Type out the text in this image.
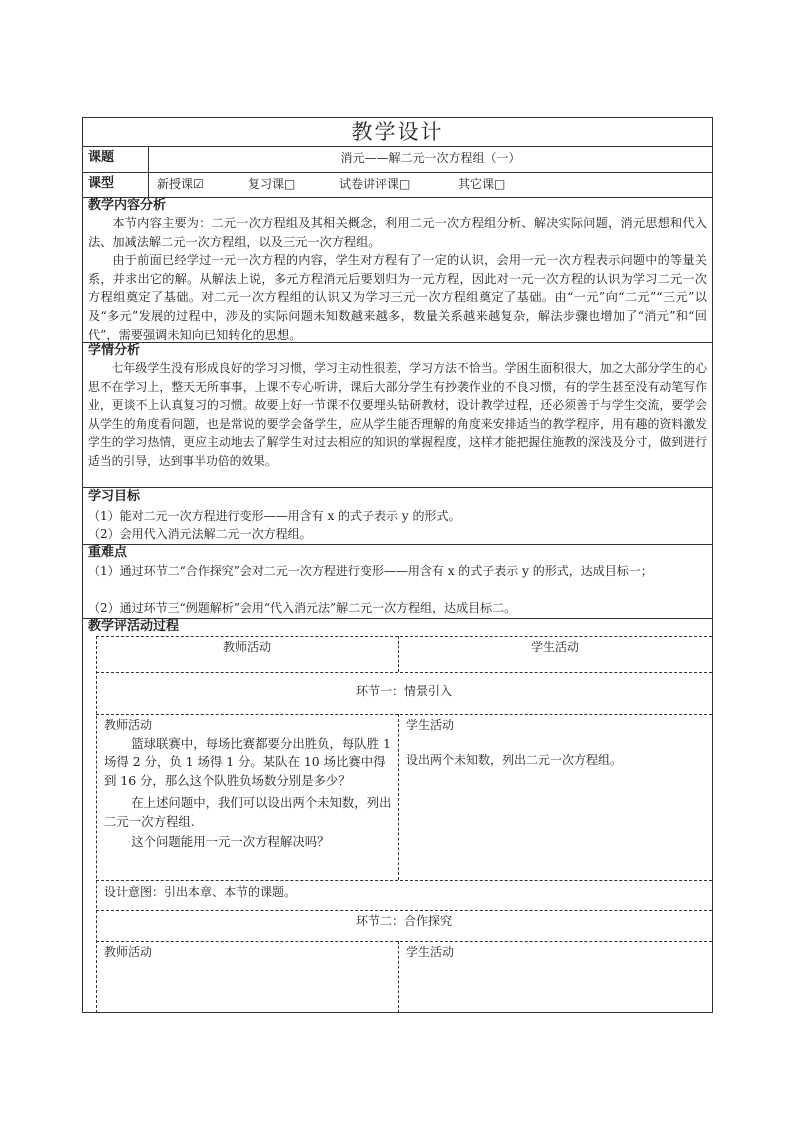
教学设计
课题	消元——解二元一次方程组（一）
课型	新授课☑	复习课□	试卷讲评课□	其它课□
教学内容分析

本节内容主要为：二元一次方程组及其相关概念，利用二元一次方程组分析、解决实际问题，消元思想和代入法、加减法解二元一次方程组，以及三元一次方程组。

由于前面已经学过一元一次方程的内容，学生对方程有了一定的认识，会用一元一次方程表示问题中的等量关系，并求出它的解。从解法上说，多元方程消元后要划归为一元方程，因此对一元一次方程的认识为学习二元一次方程组奠定了基础。对二元一次方程组的认识又为学习三元一次方程组奠定了基础。由“一元”向“二元”“三元”以及“多元”发展的过程中，涉及的实际问题未知数越来越多，数量关系越来越复杂，解法步骤也增加了“消元”和“回代”，需要强调未知向已知转化的思想。

学情分析

七年级学生没有形成良好的学习习惯，学习主动性很差，学习方法不恰当。学困生面积很大，加之大部分学生的心思不在学习上，整天无所事事，上课不专心听讲，课后大部分学生有抄袭作业的不良习惯，有的学生甚至没有动笔写作业，更谈不上认真复习的习惯。故要上好一节课不仅要埋头钻研教材，设计教学过程，还必须善于与学生交流，要学会从学生的角度看问题，也是常说的要学会备学生，应从学生能否理解的角度来安排适当的教学程序，用有趣的资料激发学生的学习热情，更应主动地去了解学生对过去相应的知识的掌握程度，这样才能把握住施教的深浅及分寸，做到进行适当的引导，达到事半功倍的效果。

学习目标
（1）能对二元一次方程进行变形——用含有 x 的式子表示 y 的形式。
（2）会用代入消元法解二元一次方程组。
重难点
（1）通过环节二“合作探究”会对二元一次方程进行变形——用含有 x 的式子表示 y 的形式，达成目标一；
（2）通过环节三“例题解析”会用“代入消元法”解二元一次方程组，达成目标二。
教学评活动过程
教师活动	学生活动
环节一：情景引入
教师活动

篮球联赛中，每场比赛都要分出胜负，每队胜 1 场得 2 分，负 1 场得 1 分。某队在 10 场比赛中得到 16 分，那么这个队胜负场数分别是多少？

在上述问题中，我们可以设出两个未知数，列出二元一次方程组.

这个问题能用一元一次方程解决吗？

学生活动
设出两个未知数，列出二元一次方程组。
设计意图：引出本章、本节的课题。
环节二：合作探究
教师活动	学生活动
